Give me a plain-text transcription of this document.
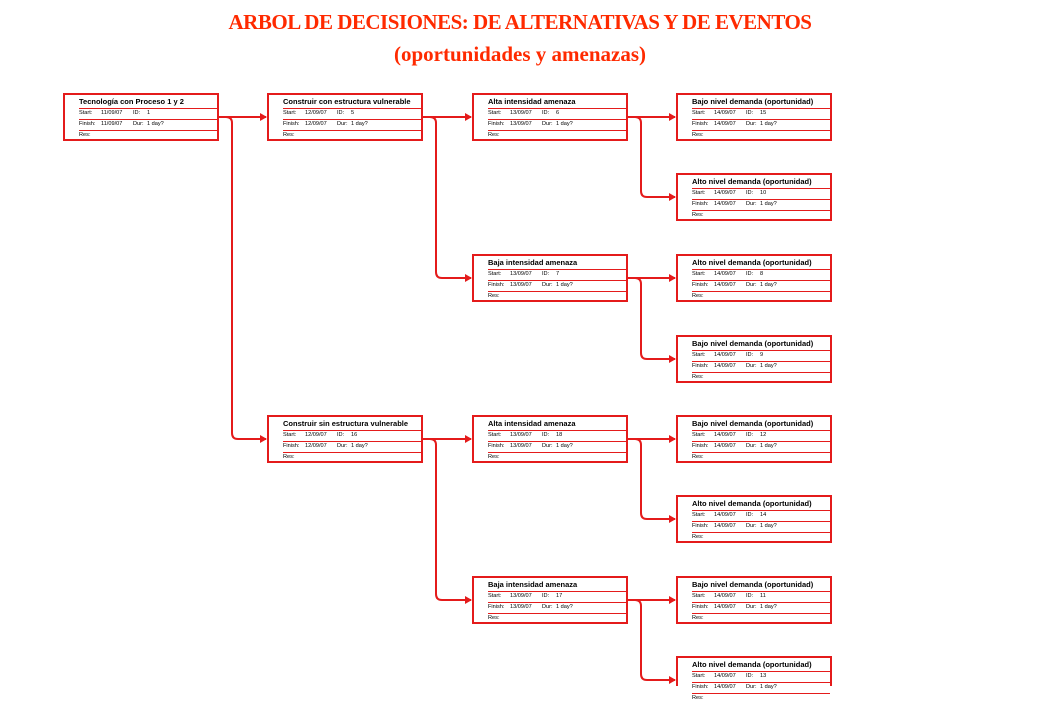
ARBOL DE DECISIONES: DE ALTERNATIVAS Y DE EVENTOS
(oportunidades y amenazas)
Tecnología con Proceso 1 y 2
Start: 11/09/07 ID: 1
Finish: 11/09/07 Dur: 1 day?
Res:
Construir con estructura vulnerable
Start: 12/09/07 ID: 5
Finish: 12/09/07 Dur: 1 day?
Res:
Alta intensidad amenaza
Start: 13/09/07 ID: 6
Finish: 13/09/07 Dur: 1 day?
Res:
Bajo nivel demanda (oportunidad)
Start: 14/09/07 ID: 15
Finish: 14/09/07 Dur: 1 day?
Res:
Alto nivel demanda (oportunidad)
Start: 14/09/07 ID: 10
Finish: 14/09/07 Dur: 1 day?
Res:
Baja intensidad amenaza
Start: 13/09/07 ID: 7
Finish: 13/09/07 Dur: 1 day?
Res:
Alto nivel demanda (oportunidad)
Start: 14/09/07 ID: 8
Finish: 14/09/07 Dur: 1 day?
Res:
Bajo nivel demanda (oportunidad)
Start: 14/09/07 ID: 9
Finish: 14/09/07 Dur: 1 day?
Res:
Construir sin estructura vulnerable
Start: 12/09/07 ID: 16
Finish: 12/09/07 Dur: 1 day?
Res:
Alta intensidad amenaza
Start: 13/09/07 ID: 18
Finish: 13/09/07 Dur: 1 day?
Res:
Bajo nivel demanda (oportunidad)
Start: 14/09/07 ID: 12
Finish: 14/09/07 Dur: 1 day?
Res:
Alto nivel demanda (oportunidad)
Start: 14/09/07 ID: 14
Finish: 14/09/07 Dur: 1 day?
Res:
Baja intensidad amenaza
Start: 13/09/07 ID: 17
Finish: 13/09/07 Dur: 1 day?
Res:
Bajo nivel demanda (oportunidad)
Start: 14/09/07 ID: 11
Finish: 14/09/07 Dur: 1 day?
Res:
Alto nivel demanda (oportunidad)
Start: 14/09/07 ID: 13
Finish: 14/09/07 Dur: 1 day?
Res:
